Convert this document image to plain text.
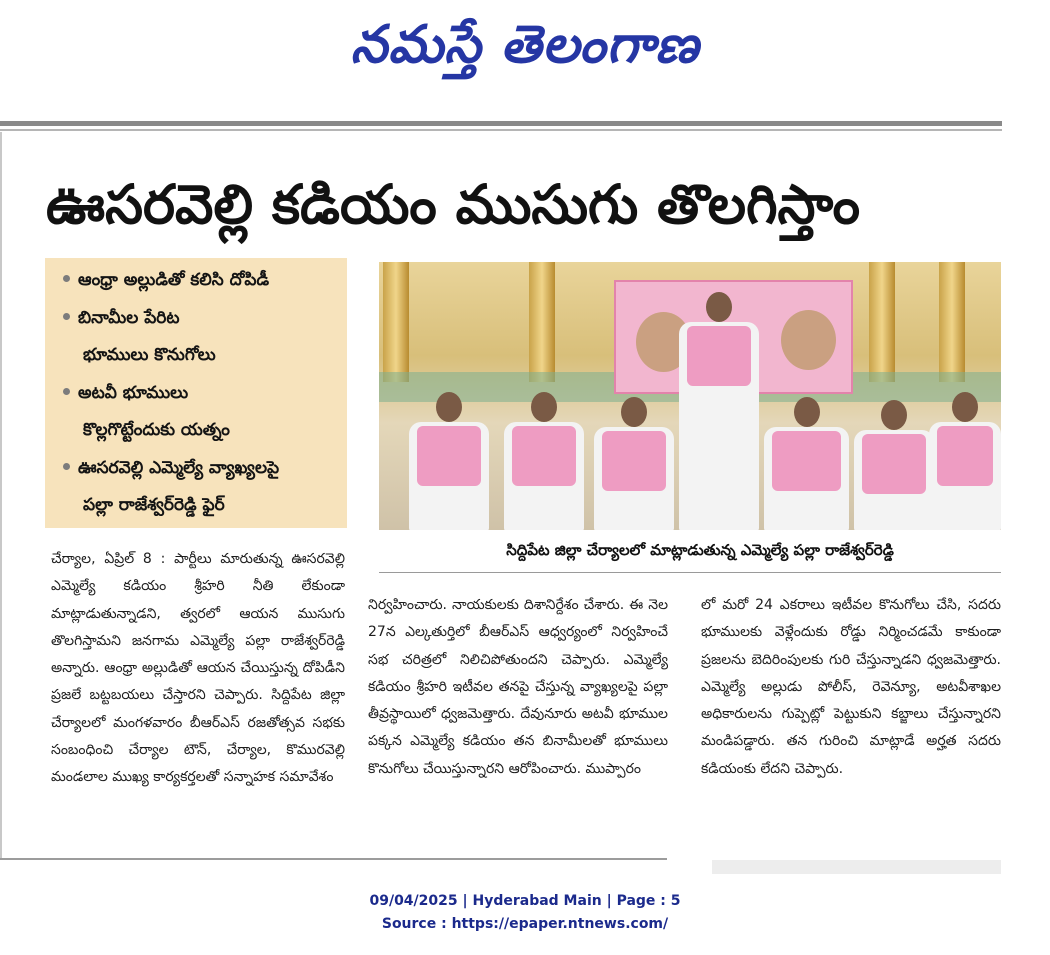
నమస్తే తెలంగాణ
ఊసరవెల్లి కడియం ముసుగు తొలగిస్తాం
ఆంధ్రా అల్లుడితో కలిసి దోపిడీ
బినామీల పేరిట
భూములు కొనుగోలు
అటవీ భూములు
కొల్లగొట్టేందుకు యత్నం
ఊసరవెల్లి ఎమ్మెల్యే వ్యాఖ్యలపై
పల్లా రాజేశ్వర్‌రెడ్డి ఫైర్
సిద్దిపేట జిల్లా చేర్యాలలో మాట్లాడుతున్న ఎమ్మెల్యే పల్లా రాజేశ్వర్‌రెడ్డి

చేర్యాల, ఏప్రిల్ 8 : పార్టీలు మారుతున్న ఊసరవెల్లి ఎమ్మెల్యే కడియం శ్రీహరి నీతి లేకుండా మాట్లాడుతున్నాడని, త్వరలో ఆయన ముసుగు తొలగిస్తామని జనగామ ఎమ్మెల్యే పల్లా రాజేశ్వర్‌రెడ్డి అన్నారు. ఆంధ్రా అల్లుడితో ఆయన చేయిస్తున్న దోపిడీని ప్రజలే బట్టబయలు చేస్తారని చెప్పారు. సిద్దిపేట జిల్లా చేర్యాలలో మంగళవారం బీఆర్‌ఎస్ రజతోత్సవ సభకు సంబంధించి చేర్యాల టౌన్, చేర్యాల, కొమురవెల్లి మండలాల ముఖ్య కార్యకర్తలతో సన్నాహక సమావేశం

నిర్వహించారు. నాయకులకు దిశానిర్దేశం చేశారు. ఈ నెల 27న ఎల్కతుర్తిలో బీఆర్‌ఎస్ ఆధ్వర్యంలో నిర్వహించే సభ చరిత్రలో నిలిచిపోతుందని చెప్పారు. ఎమ్మెల్యే కడియం శ్రీహరి ఇటీవల తనపై చేస్తున్న వ్యాఖ్యలపై పల్లా తీవ్రస్థాయిలో ధ్వజమెత్తారు. దేవునూరు అటవీ భూముల పక్కన ఎమ్మెల్యే కడియం తన బినామీలతో భూములు కొనుగోలు చేయిస్తున్నారని ఆరోపించారు. ముప్పారం

లో మరో 24 ఎకరాలు ఇటీవల కొనుగోలు చేసి, సదరు భూములకు వెళ్లేందుకు రోడ్డు నిర్మించడమే కాకుండా ప్రజలను బెదిరింపులకు గురి చేస్తున్నాడని ధ్వజమెత్తారు. ఎమ్మెల్యే అల్లుడు పోలీస్, రెవెన్యూ, అటవీశాఖల అధికారులను గుప్పెట్లో పెట్టుకుని కబ్జాలు చేస్తున్నారని మండిపడ్డారు. తన గురించి మాట్లాడే అర్హత సదరు కడియంకు లేదని చెప్పారు.

09/04/2025 | Hyderabad Main | Page : 5
Source : https://epaper.ntnews.com/
